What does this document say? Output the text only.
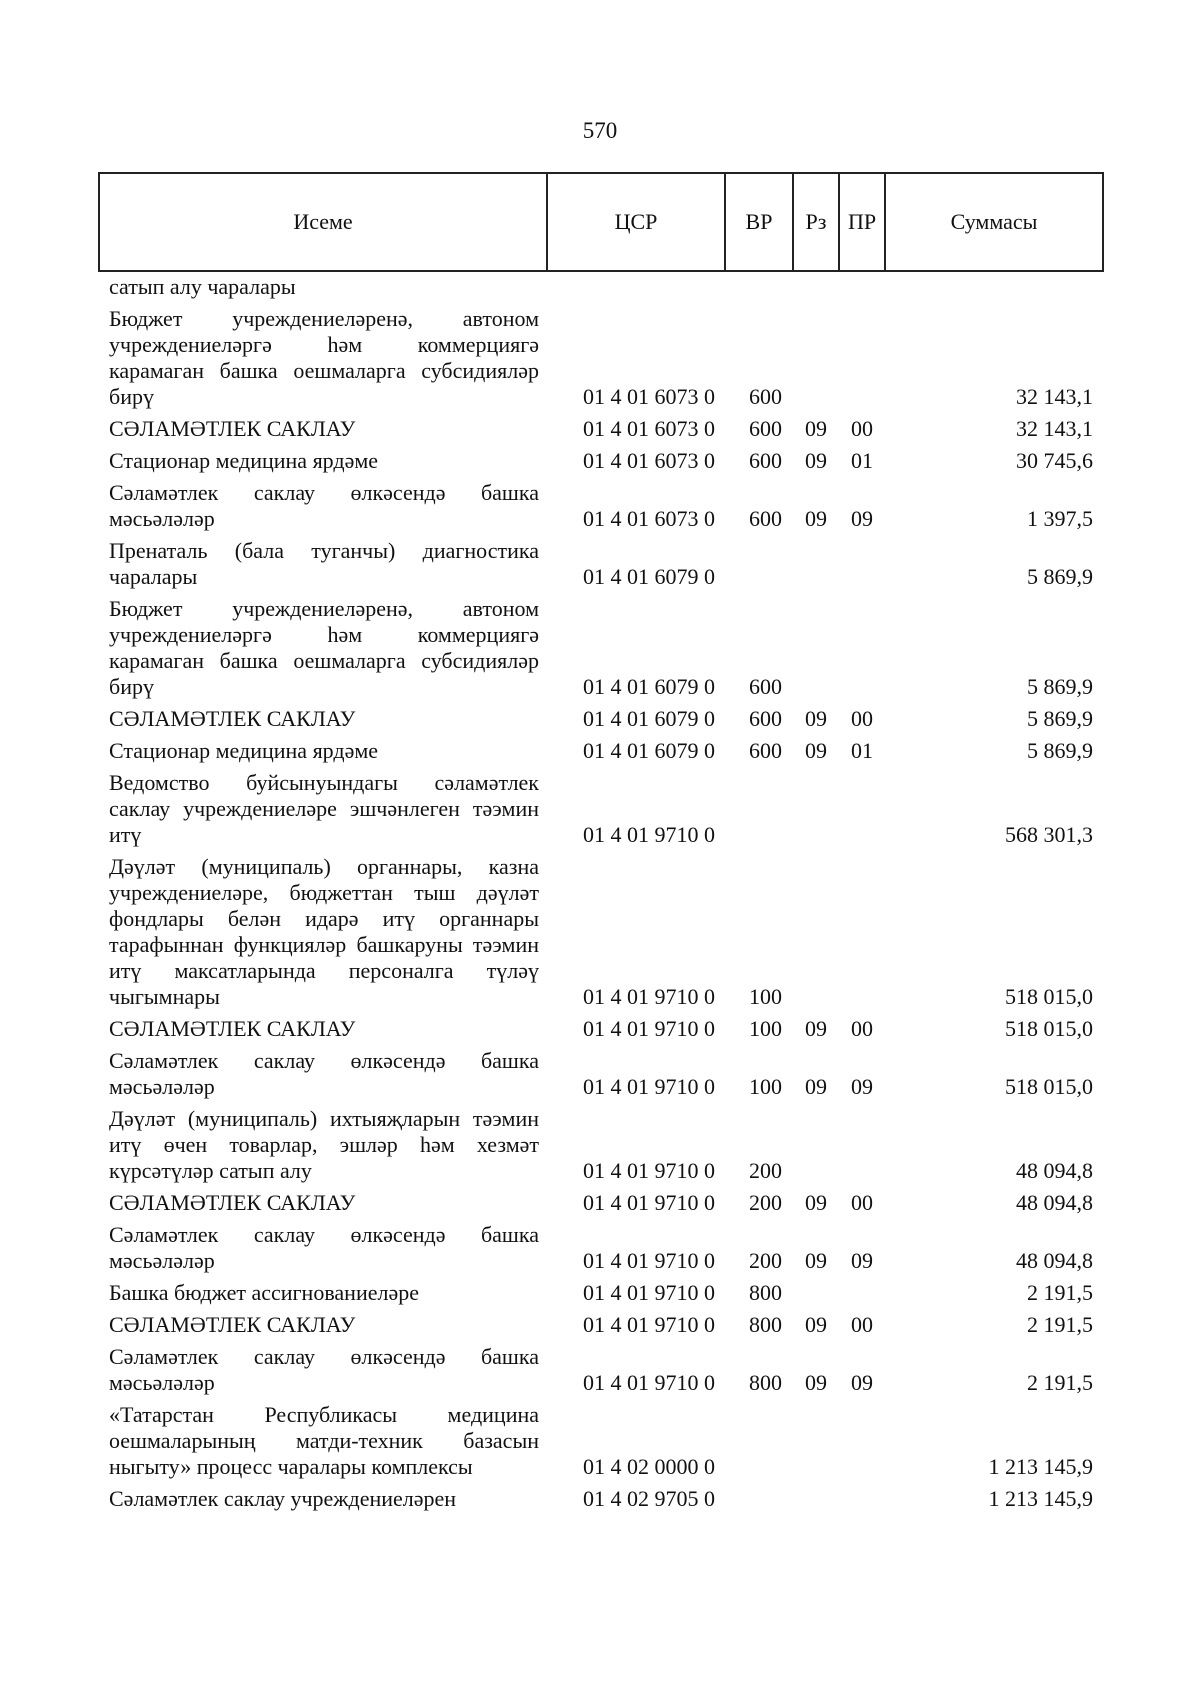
570
Исеме	ЦСР	ВР	Рз	ПР	Суммасы
сатып алу чаралары					
Бюджет учреждениеләренә, автоном учреждениеләргә һәм коммерциягә карамаган башка оешмаларга субсидияләр бирү	01 4 01 6073 0	600			32 143,1
СӘЛАМӘТЛЕК САКЛАУ	01 4 01 6073 0	600	09	00	32 143,1
Стационар медицина ярдәме	01 4 01 6073 0	600	09	01	30 745,6
Сәламәтлек саклау өлкәсендә башка мәсьәләләр	01 4 01 6073 0	600	09	09	1 397,5
Пренаталь (бала туганчы) диагностика чаралары	01 4 01 6079 0				5 869,9
Бюджет учреждениеләренә, автоном учреждениеләргә һәм коммерциягә карамаган башка оешмаларга субсидияләр бирү	01 4 01 6079 0	600			5 869,9
СӘЛАМӘТЛЕК САКЛАУ	01 4 01 6079 0	600	09	00	5 869,9
Стационар медицина ярдәме	01 4 01 6079 0	600	09	01	5 869,9
Ведомство буйсынуындагы сәламәтлек саклау учреждениеләре эшчәнлеген тәэмин итү	01 4 01 9710 0				568 301,3
Дәүләт (муниципаль) органнары, казна учреждениеләре, бюджеттан тыш дәүләт фондлары белән идарә итү органнары тарафыннан функцияләр башкаруны тәэмин итү максатларында персоналга түләү чыгымнары	01 4 01 9710 0	100			518 015,0
СӘЛАМӘТЛЕК САКЛАУ	01 4 01 9710 0	100	09	00	518 015,0
Сәламәтлек саклау өлкәсендә башка мәсьәләләр	01 4 01 9710 0	100	09	09	518 015,0
Дәүләт (муниципаль) ихтыяҗларын тәэмин итү өчен товарлар, эшләр һәм хезмәт күрсәтүләр сатып алу	01 4 01 9710 0	200			48 094,8
СӘЛАМӘТЛЕК САКЛАУ	01 4 01 9710 0	200	09	00	48 094,8
Сәламәтлек саклау өлкәсендә башка мәсьәләләр	01 4 01 9710 0	200	09	09	48 094,8
Башка бюджет ассигнованиеләре	01 4 01 9710 0	800			2 191,5
СӘЛАМӘТЛЕК САКЛАУ	01 4 01 9710 0	800	09	00	2 191,5
Сәламәтлек саклау өлкәсендә башка мәсьәләләр	01 4 01 9710 0	800	09	09	2 191,5
«Татарстан Республикасы медицина оешмаларының матди-техник базасын ныгыту» процесс чаралары комплексы	01 4 02 0000 0				1 213 145,9
Сәламәтлек саклау учреждениеләрен	01 4 02 9705 0				1 213 145,9
